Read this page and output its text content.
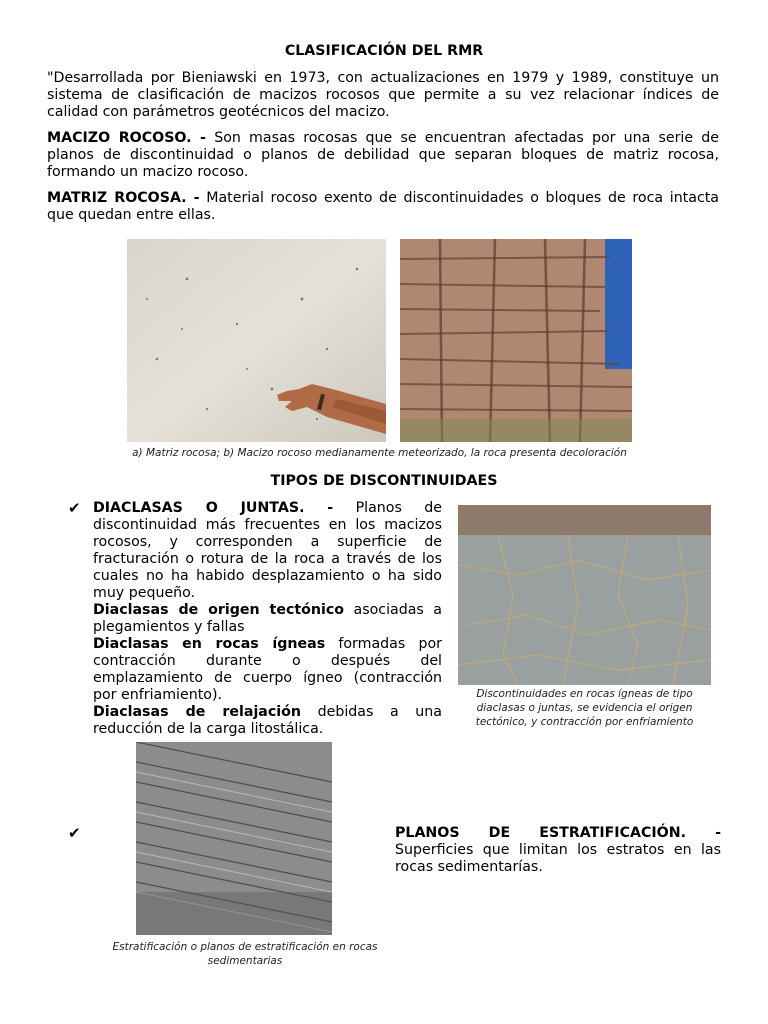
CLASIFICACIÓN DEL RMR
"Desarrollada por Bieniawski en 1973, con actualizaciones en 1979 y 1989, constituye un sistema de clasificación de macizos rocosos que permite a su vez relacionar índices de calidad con parámetros geotécnicos del macizo.
MACIZO ROCOSO. - Son masas rocosas que se encuentran afectadas por una serie de planos de discontinuidad o planos de debilidad que separan bloques de matriz rocosa, formando un macizo rocoso.
MATRIZ ROCOSA. - Material rocoso exento de discontinuidades o bloques de roca intacta que quedan entre ellas.
a) Matriz rocosa; b) Macizo rocoso medianamente meteorizado, la roca presenta decoloración
TIPOS DE DISCONTINUIDAES
✔ DIACLASAS O JUNTAS. - Planos de discontinuidad más frecuentes en los macizos rocosos, y corresponden a superficie de fracturación o rotura de la roca a través de los cuales no ha habido desplazamiento o ha sido muy pequeño.
Diaclasas de origen tectónico asociadas a plegamientos y fallas
Diaclasas en rocas ígneas formadas por contracción durante o después del emplazamiento de cuerpo ígneo (contracción por enfriamiento).
Diaclasas de relajación debidas a una reducción de la carga litostálica.
Discontinuidades en rocas ígneas de tipo diaclasas o juntas, se evidencia el origen tectónico, y contracción por enfriamiento
Estratificación o planos de estratificación en rocas sedimentarias
✔	PLANOS DE ESTRATIFICACIÓN. - Superficies que limitan los estratos en las rocas sedimentarías.
